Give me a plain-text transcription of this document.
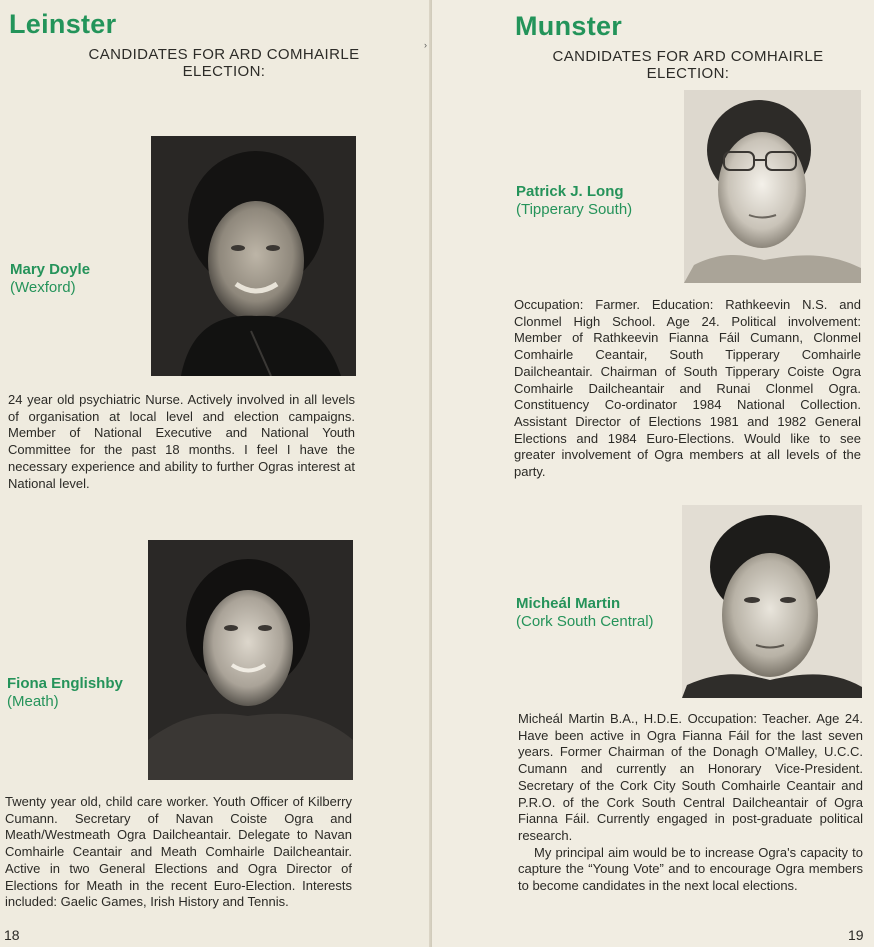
Leinster

CANDIDATES FOR ARD COMHAIRLE
ELECTION:

Mary Doyle

(Wexford)

24 year old psychiatric Nurse. Actively involved in all levels of organisation at local level and election campaigns. Member of National Executive and National Youth Committee for the past 18 months. I feel I have the necessary experience and ability to further Ogras interest at National level.

Fiona Englishby

(Meath)

Twenty year old, child care worker. Youth Officer of Kilberry Cumann. Secretary of Navan Coiste Ogra and Meath/Westmeath Ogra Dailcheantair. Delegate to Navan Comhairle Ceantair and Meath Comhairle Dailcheantair. Active in two General Elections and Ogra Director of Elections for Meath in the recent Euro-Election. Interests included: Gaelic Games, Irish History and Tennis.

18

›
Munster

CANDIDATES FOR ARD COMHAIRLE
ELECTION:

Patrick J. Long

(Tipperary South)

Occupation: Farmer. Education: Rathkeevin N.S. and Clonmel High School. Age 24. Political involvement: Member of Rathkeevin Fianna Fáil Cumann, Clonmel Comhairle Ceantair, South Tipperary Comhairle Dailcheantair. Chairman of South Tipperary Coiste Ogra Comhairle Dailcheantair and Runai Clonmel Ogra. Constituency Co-ordinator 1984 National Collection. Assistant Director of Elections 1981 and 1982 General Elections and 1984 Euro-Elections. Would like to see greater involvement of Ogra members at all levels of the party.

Micheál Martin

(Cork South Central)

Micheál Martin B.A., H.D.E. Occupation: Teacher. Age 24. Have been active in Ogra Fianna Fáil for the last seven years. Former Chairman of the Donagh O'Malley, U.C.C. Cumann and currently an Honorary Vice-President. Secretary of the Cork City South Comhairle Ceantair and P.R.O. of the Cork South Central Dailcheantair of Ogra Fianna Fáil. Currently engaged in post-graduate political research.
My principal aim would be to increase Ogra's capacity to capture the “Young Vote” and to encourage Ogra members to become candidates in the next local elections.

19
